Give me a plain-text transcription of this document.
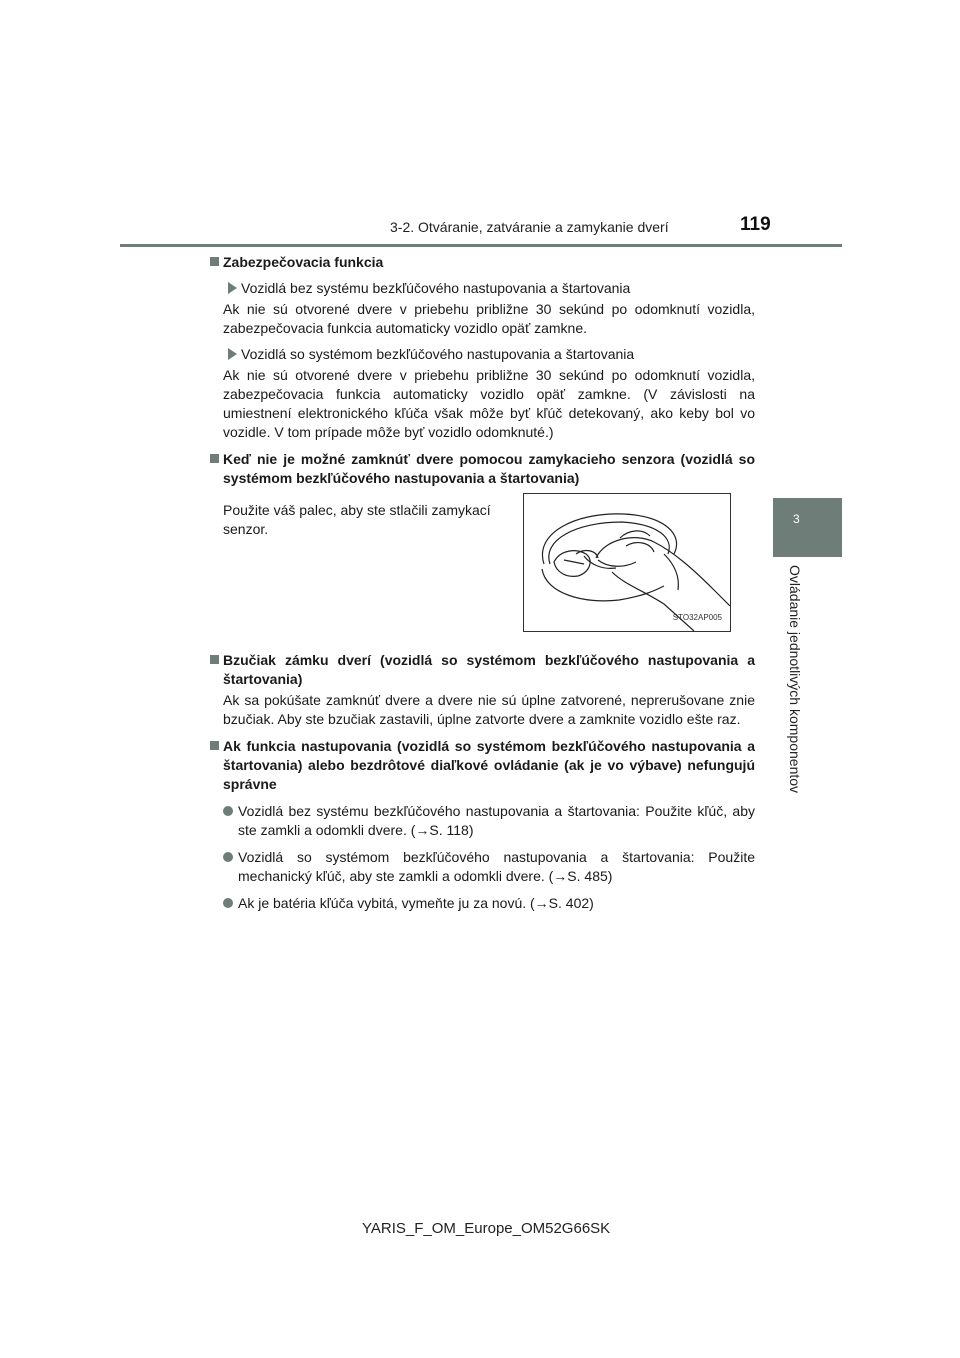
3-2. Otváranie, zatváranie a zamykanie dverí	119
3
Ovládanie jednotlivých komponentov
Zabezpečovacia funkcia
Vozidlá bez systému bezkľúčového nastupovania a štartovania
Ak nie sú otvorené dvere v priebehu približne 30 sekúnd po odomknutí vozidla, zabezpečovacia funkcia automaticky vozidlo opäť zamkne.
Vozidlá so systémom bezkľúčového nastupovania a štartovania
Ak nie sú otvorené dvere v priebehu približne 30 sekúnd po odomknutí vozidla, zabezpečovacia funkcia automaticky vozidlo opäť zamkne. (V závislosti na umiestnení elektronického kľúča však môže byť kľúč detekovaný, ako keby bol vo vozidle. V tom prípade môže byť vozidlo odomknuté.)
Keď nie je možné zamknúť dvere pomocou zamykacieho senzora (vozidlá so systémom bezkľúčového nastupovania a štartovania)
Použite váš palec, aby ste stlačili zamykací senzor.
STO32AP005
Bzučiak zámku dverí (vozidlá so systémom bezkľúčového nastupovania a štartovania)
Ak sa pokúšate zamknúť dvere a dvere nie sú úplne zatvorené, neprerušovane znie bzučiak. Aby ste bzučiak zastavili, úplne zatvorte dvere a zamknite vozidlo ešte raz.
Ak funkcia nastupovania (vozidlá so systémom bezkľúčového nastupovania a štartovania) alebo bezdrôtové diaľkové ovládanie (ak je vo výbave) nefungujú správne
Vozidlá bez systému bezkľúčového nastupovania a štartovania: Použite kľúč, aby ste zamkli a odomkli dvere. (→S. 118)
Vozidlá so systémom bezkľúčového nastupovania a štartovania: Použite mechanický kľúč, aby ste zamkli a odomkli dvere. (→S. 485)
Ak je batéria kľúča vybitá, vymeňte ju za novú. (→S. 402)
YARIS_F_OM_Europe_OM52G66SK
